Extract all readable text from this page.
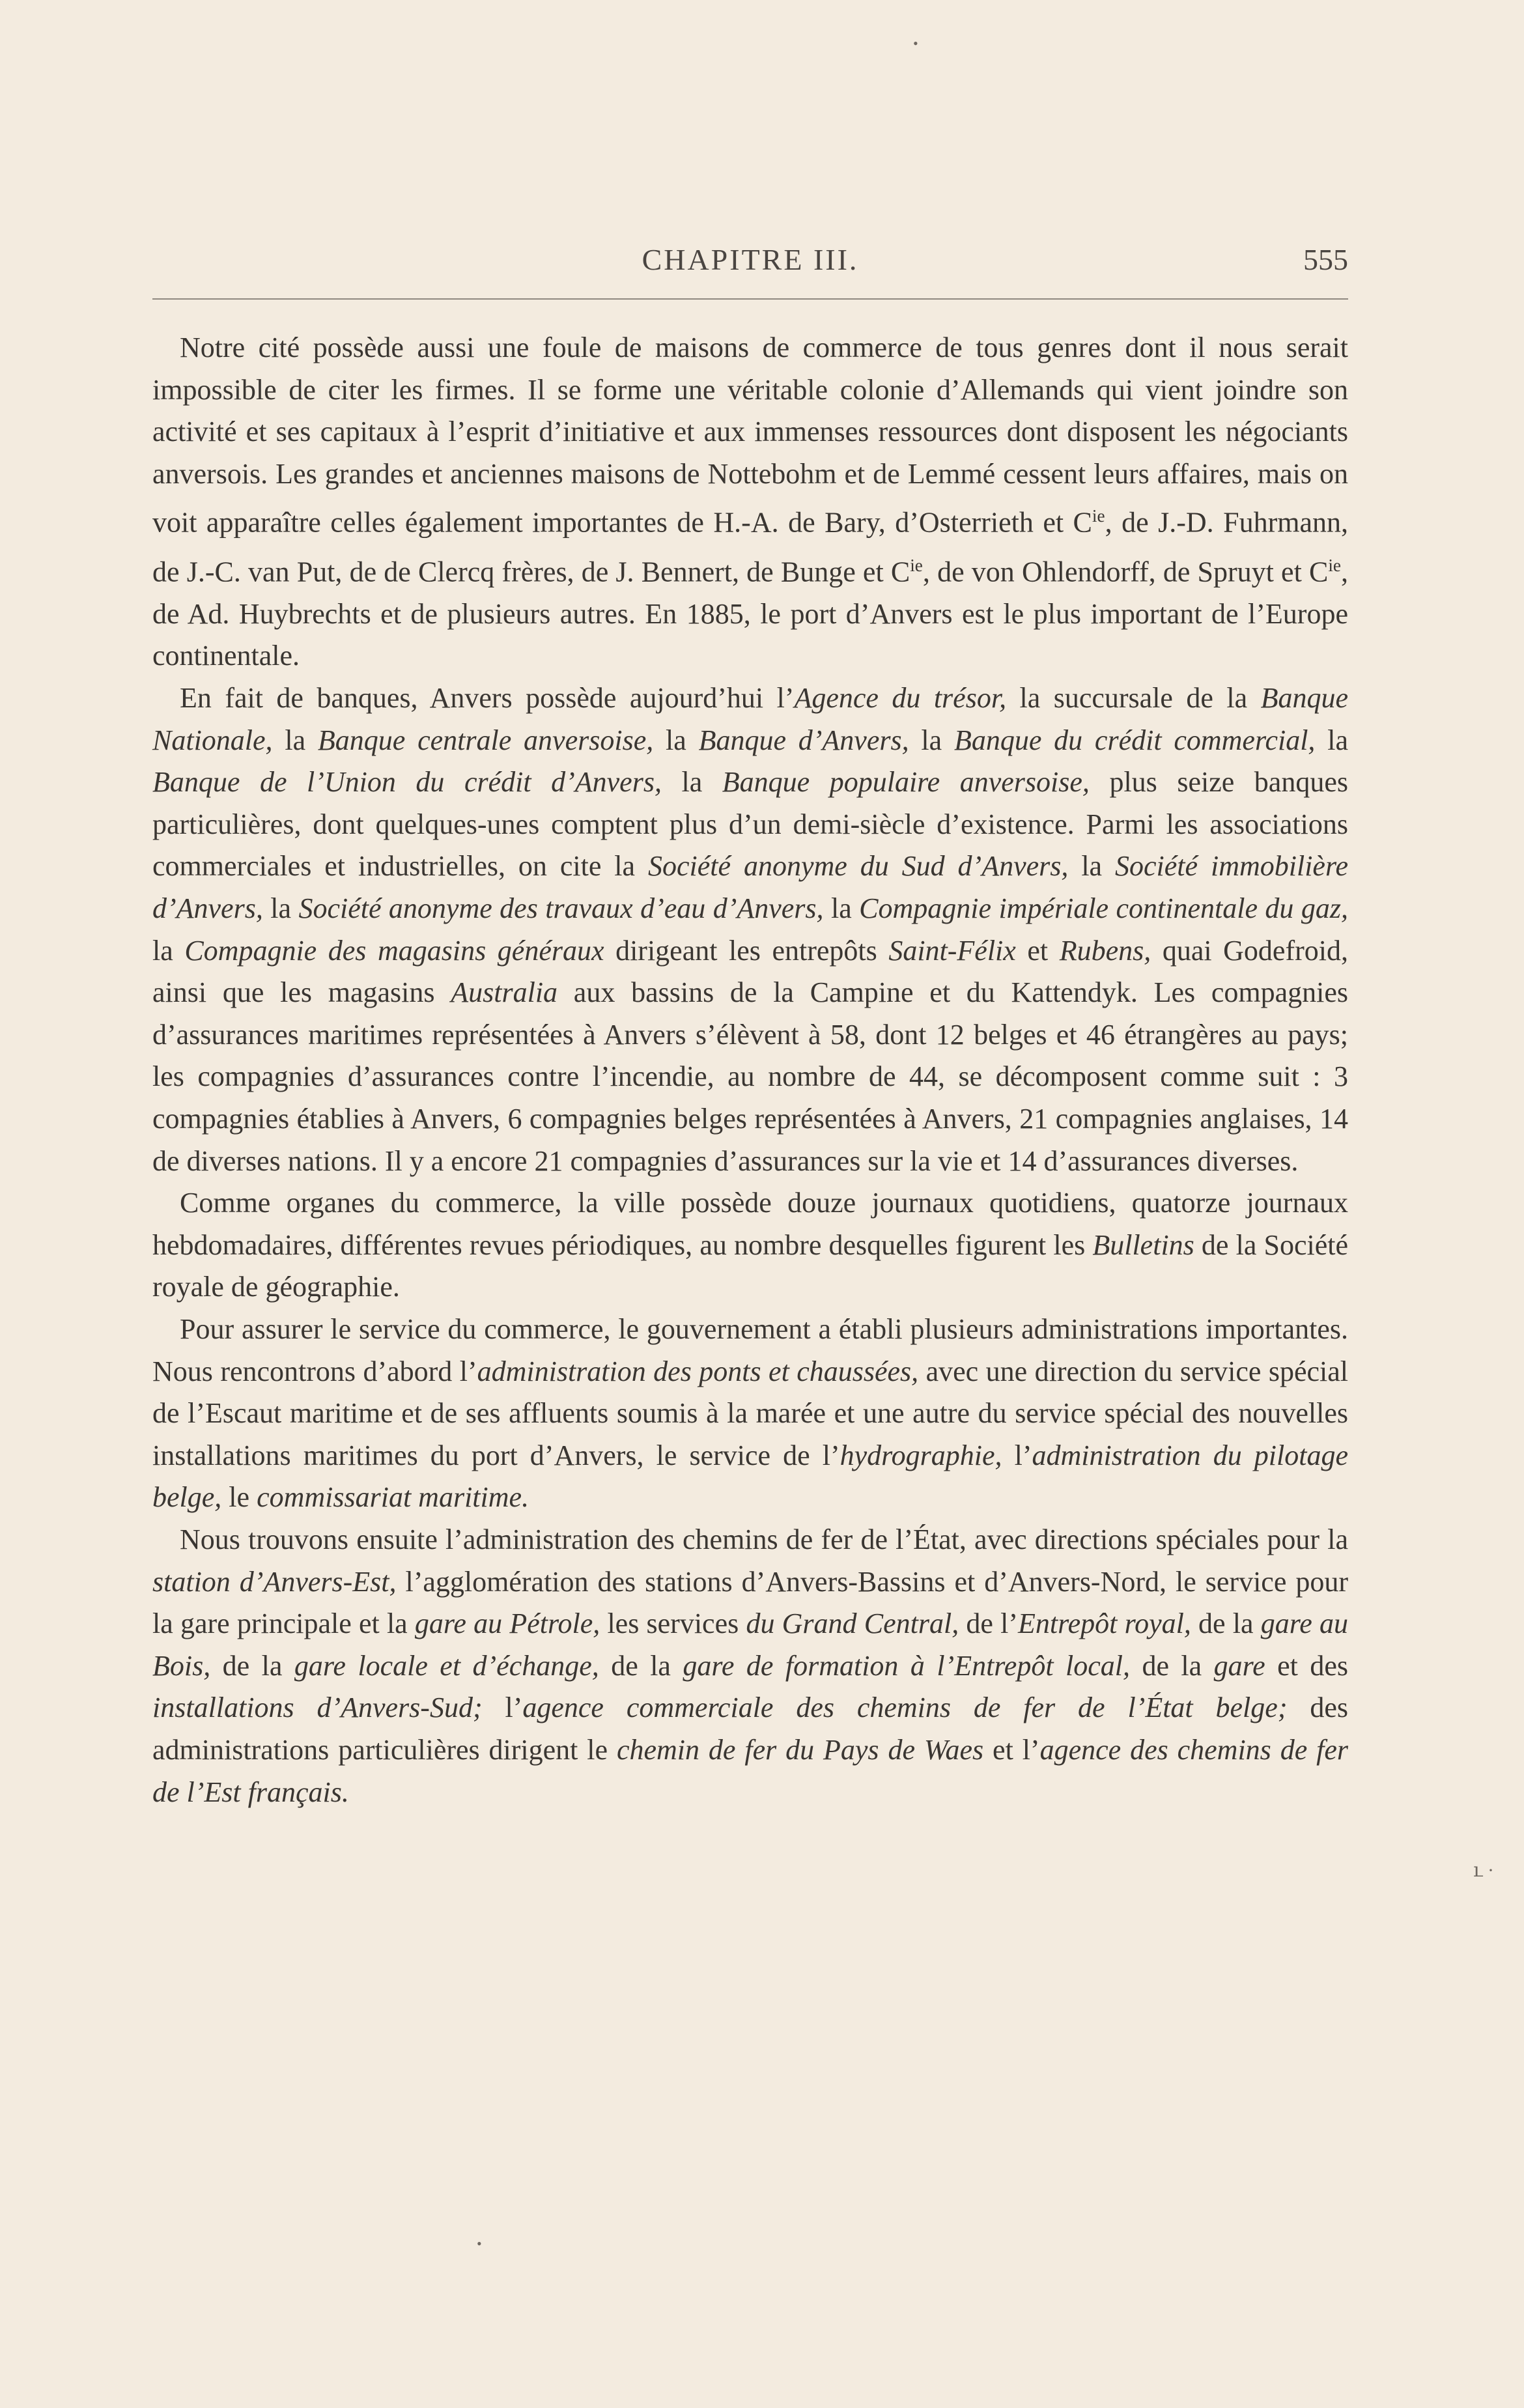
CHAPITRE III.	555

Notre cité possède aussi une foule de maisons de commerce de tous genres dont il nous serait impossible de citer les firmes. Il se forme une véritable colonie d’Allemands qui vient joindre son activité et ses capitaux à l’esprit d’initiative et aux immenses ressources dont disposent les négociants anversois. Les grandes et anciennes maisons de Nottebohm et de Lemmé cessent leurs affaires, mais on voit apparaître celles également importantes de H.-A. de Bary, d’Osterrieth et $C^{ie}$, de J.-D. Fuhrmann, de J.-C. van Put, de de Clercq frères, de J. Bennert, de Bunge et $C^{ie}$, de von Ohlendorff, de Spruyt et $C^{ie}$, de Ad. Huybrechts et de plusieurs autres. En 1885, le port d’Anvers est le plus important de l’Europe continentale.

En fait de banques, Anvers possède aujourd’hui l’Agence du trésor, la succursale de la Banque Nationale, la Banque centrale anversoise, la Banque d’Anvers, la Banque du crédit commercial, la Banque de l’Union du crédit d’Anvers, la Banque populaire anversoise, plus seize banques particulières, dont quelques-unes comptent plus d’un demi-siècle d’existence. Parmi les associations commerciales et industrielles, on cite la Société anonyme du Sud d’Anvers, la Société immobilière d’Anvers, la Société anonyme des travaux d’eau d’Anvers, la Compagnie impériale continentale du gaz, la Compagnie des magasins généraux dirigeant les entrepôts Saint-Félix et Rubens, quai Godefroid, ainsi que les magasins Australia aux bassins de la Campine et du Kattendyk. Les compagnies d’assurances maritimes représentées à Anvers s’élèvent à 58, dont 12 belges et 46 étrangères au pays; les compagnies d’assurances contre l’incendie, au nombre de 44, se décomposent comme suit : 3 compagnies établies à Anvers, 6 compagnies belges représentées à Anvers, 21 compagnies anglaises, 14 de diverses nations. Il y a encore 21 compagnies d’assurances sur la vie et 14 d’assurances diverses.

Comme organes du commerce, la ville possède douze journaux quotidiens, quatorze journaux hebdomadaires, différentes revues périodiques, au nombre desquelles figurent les Bulletins de la Société royale de géographie.

Pour assurer le service du commerce, le gouvernement a établi plusieurs administrations importantes. Nous rencontrons d’abord l’administration des ponts et chaussées, avec une direction du service spécial de l’Escaut maritime et de ses affluents soumis à la marée et une autre du service spécial des nouvelles installations maritimes du port d’Anvers, le service de l’hydrographie, l’administration du pilotage belge, le commissariat maritime.

Nous trouvons ensuite l’administration des chemins de fer de l’État, avec directions spéciales pour la station d’Anvers-Est, l’agglomération des stations d’Anvers-Bassins et d’Anvers-Nord, le service pour la gare principale et la gare au Pétrole, les services du Grand Central, de l’Entrepôt royal, de la gare au Bois, de la gare locale et d’échange, de la gare de formation à l’Entrepôt local, de la gare et des installations d’Anvers-Sud; l’agence commerciale des chemins de fer de l’État belge; des administrations particulières dirigent le chemin de fer du Pays de Waes et l’agence des chemins de fer de l’Est français.

•
ւ ·
•
